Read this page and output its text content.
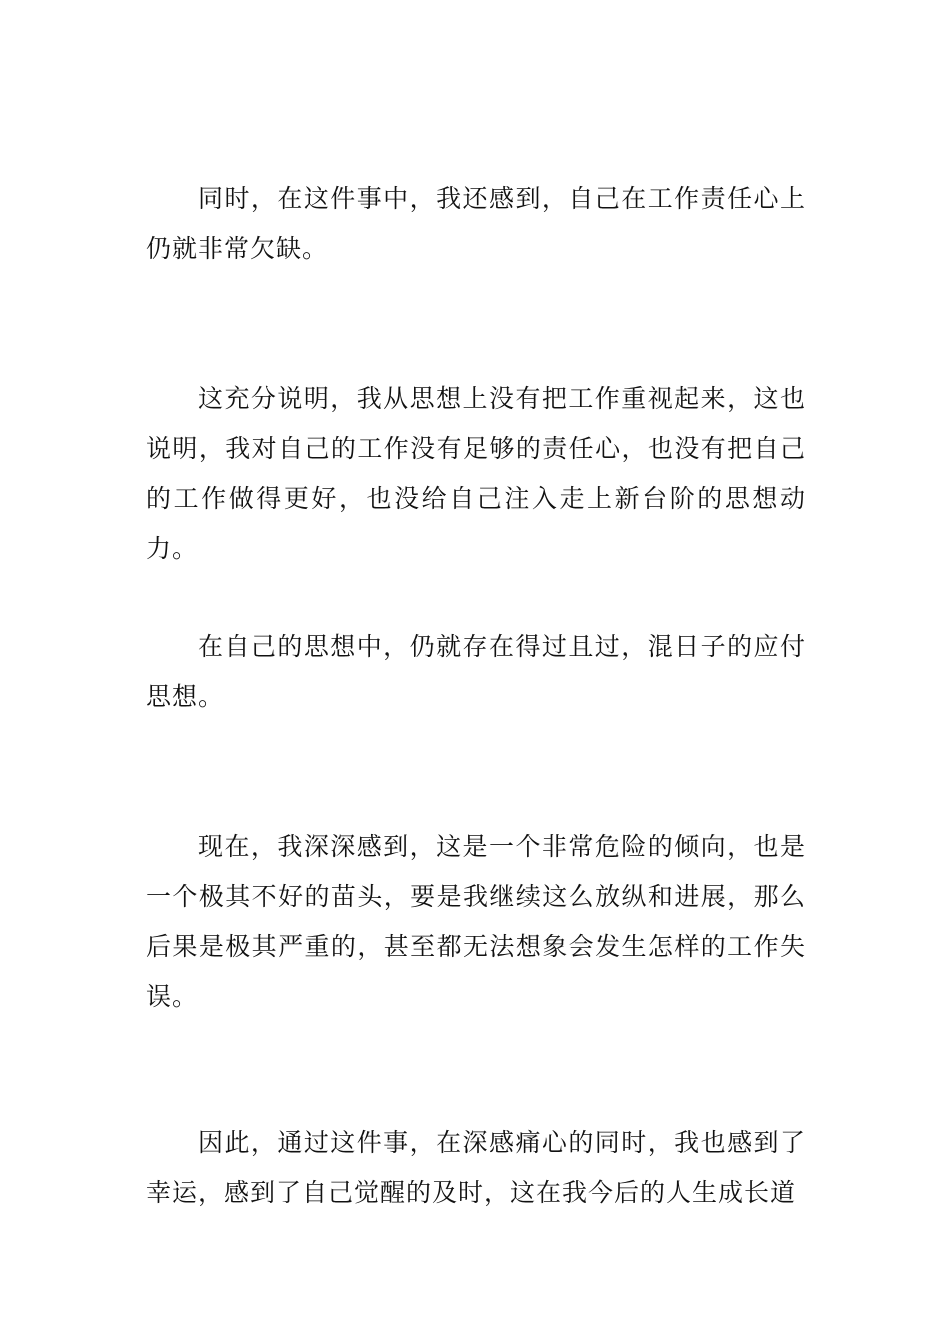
同时，在这件事中，我还感到，自己在工作责任心上仍就非常欠缺。

这充分说明，我从思想上没有把工作重视起来，这也说明，我对自己的工作没有足够的责任心，也没有把自己的工作做得更好，也没给自己注入走上新台阶的思想动力。

在自己的思想中，仍就存在得过且过，混日子的应付思想。

现在，我深深感到，这是一个非常危险的倾向，也是一个极其不好的苗头，要是我继续这么放纵和进展，那么后果是极其严重的，甚至都无法想象会发生怎样的工作失误。

因此，通过这件事，在深感痛心的同时，我也感到了幸运，感到了自己觉醒的及时，这在我今后的人生成长道
